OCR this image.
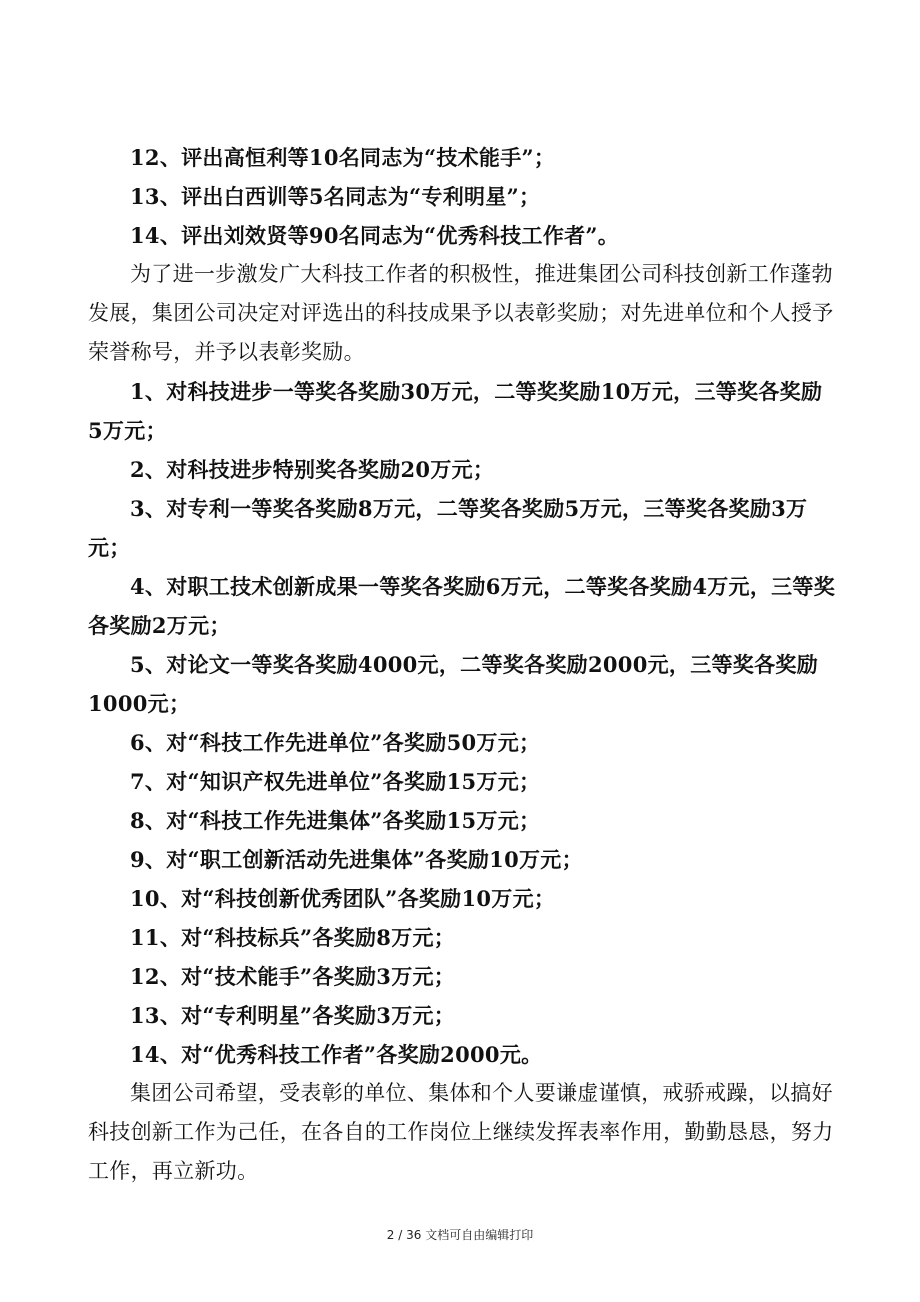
12、评出高恒利等10名同志为“技术能手”；

13、评出白西训等5名同志为“专利明星”；

14、评出刘效贤等90名同志为“优秀科技工作者”。

为了进一步激发广大科技工作者的积极性，推进集团公司科技创新工作蓬勃发展，集团公司决定对评选出的科技成果予以表彰奖励；对先进单位和个人授予荣誉称号，并予以表彰奖励。

1、对科技进步一等奖各奖励30万元，二等奖奖励10万元，三等奖各奖励5万元；

2、对科技进步特别奖各奖励20万元；

3、对专利一等奖各奖励8万元，二等奖各奖励5万元，三等奖各奖励3万元；

4、对职工技术创新成果一等奖各奖励6万元，二等奖各奖励4万元，三等奖各奖励2万元；

5、对论文一等奖各奖励4000元，二等奖各奖励2000元，三等奖各奖励1000元；

6、对“科技工作先进单位”各奖励50万元；

7、对“知识产权先进单位”各奖励15万元；

8、对“科技工作先进集体”各奖励15万元；

9、对“职工创新活动先进集体”各奖励10万元；

10、对“科技创新优秀团队”各奖励10万元；

11、对“科技标兵”各奖励8万元；

12、对“技术能手”各奖励3万元；

13、对“专利明星”各奖励3万元；

14、对“优秀科技工作者”各奖励2000元。

集团公司希望，受表彰的单位、集体和个人要谦虚谨慎，戒骄戒躁，以搞好科技创新工作为己任，在各自的工作岗位上继续发挥表率作用，勤勤恳恳，努力工作，再立新功。

2 / 36 文档可自由编辑打印
